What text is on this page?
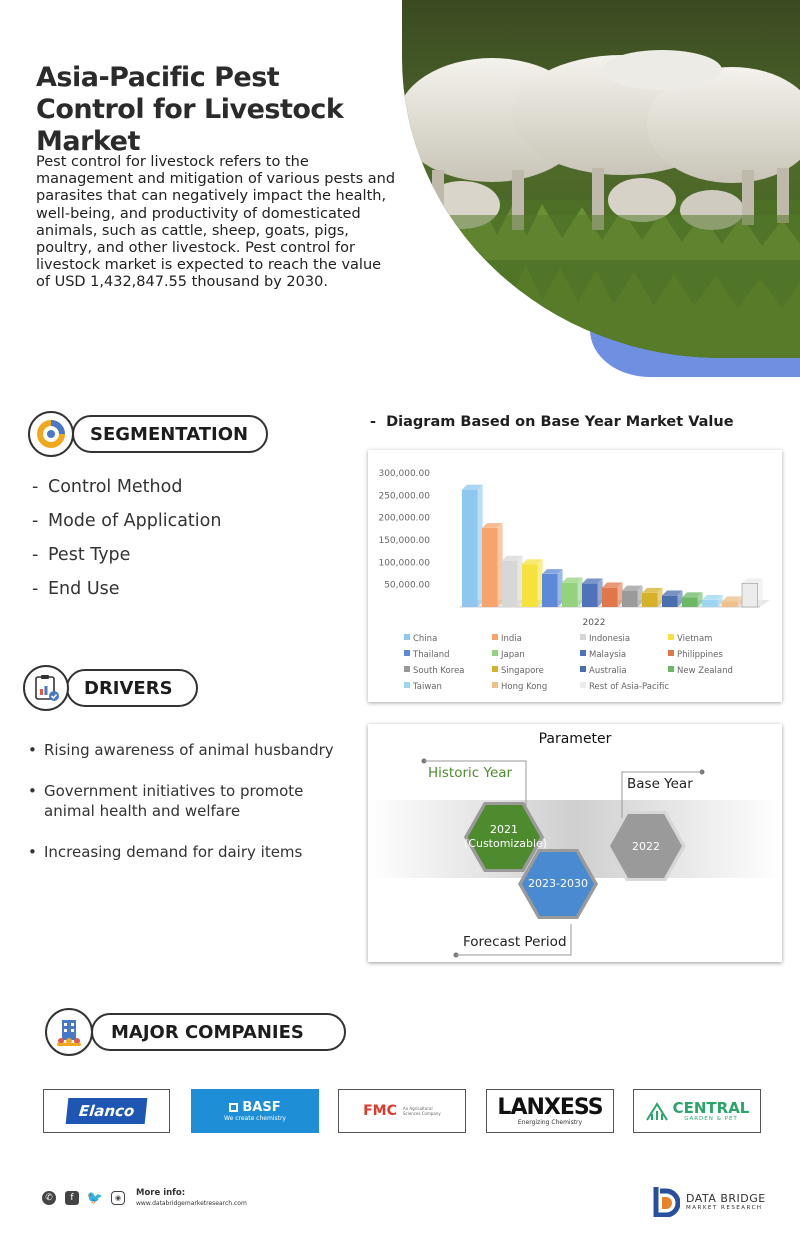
Asia-Pacific Pest Control for Livestock Market
Pest control for livestock refers to the management and mitigation of various pests and parasites that can negatively impact the health, well-being, and productivity of domesticated animals, such as cattle, sheep, goats, pigs, poultry, and other livestock. Pest control for livestock market is expected to reach the value of USD 1,432,847.55 thousand by 2030.
SEGMENTATION
- Control Method
- Mode of Application
- Pest Type
- End Use
DRIVERS
• Rising awareness of animal husbandry
• Government initiatives to promote animal health and welfare
• Increasing demand for dairy items
-  Diagram Based on Base Year Market Value
300,000.00
250,000.00
200,000.00
150,000.00
100,000.00
50,000.00
2022
China	India	Indonesia	Vietnam
Thailand	Japan	Malaysia	Philippines
South Korea	Singapore	Australia	New Zealand
Taiwan	Hong Kong	Rest of Asia-Pacific
Parameter
Historic Year
Base Year
Forecast Period
2021
(Customizable)
2023-2030
2022
MAJOR COMPANIES
Elanco	BASF
We create chemistry	FMC An Agricultural Sciences Company	LANXESS
Energizing Chemistry
CENTRAL
GARDEN & PET
✆	f	🐦	◉	More info:
www.databridgemarketresearch.com	DATA BRIDGE
MARKET RESEARCH
